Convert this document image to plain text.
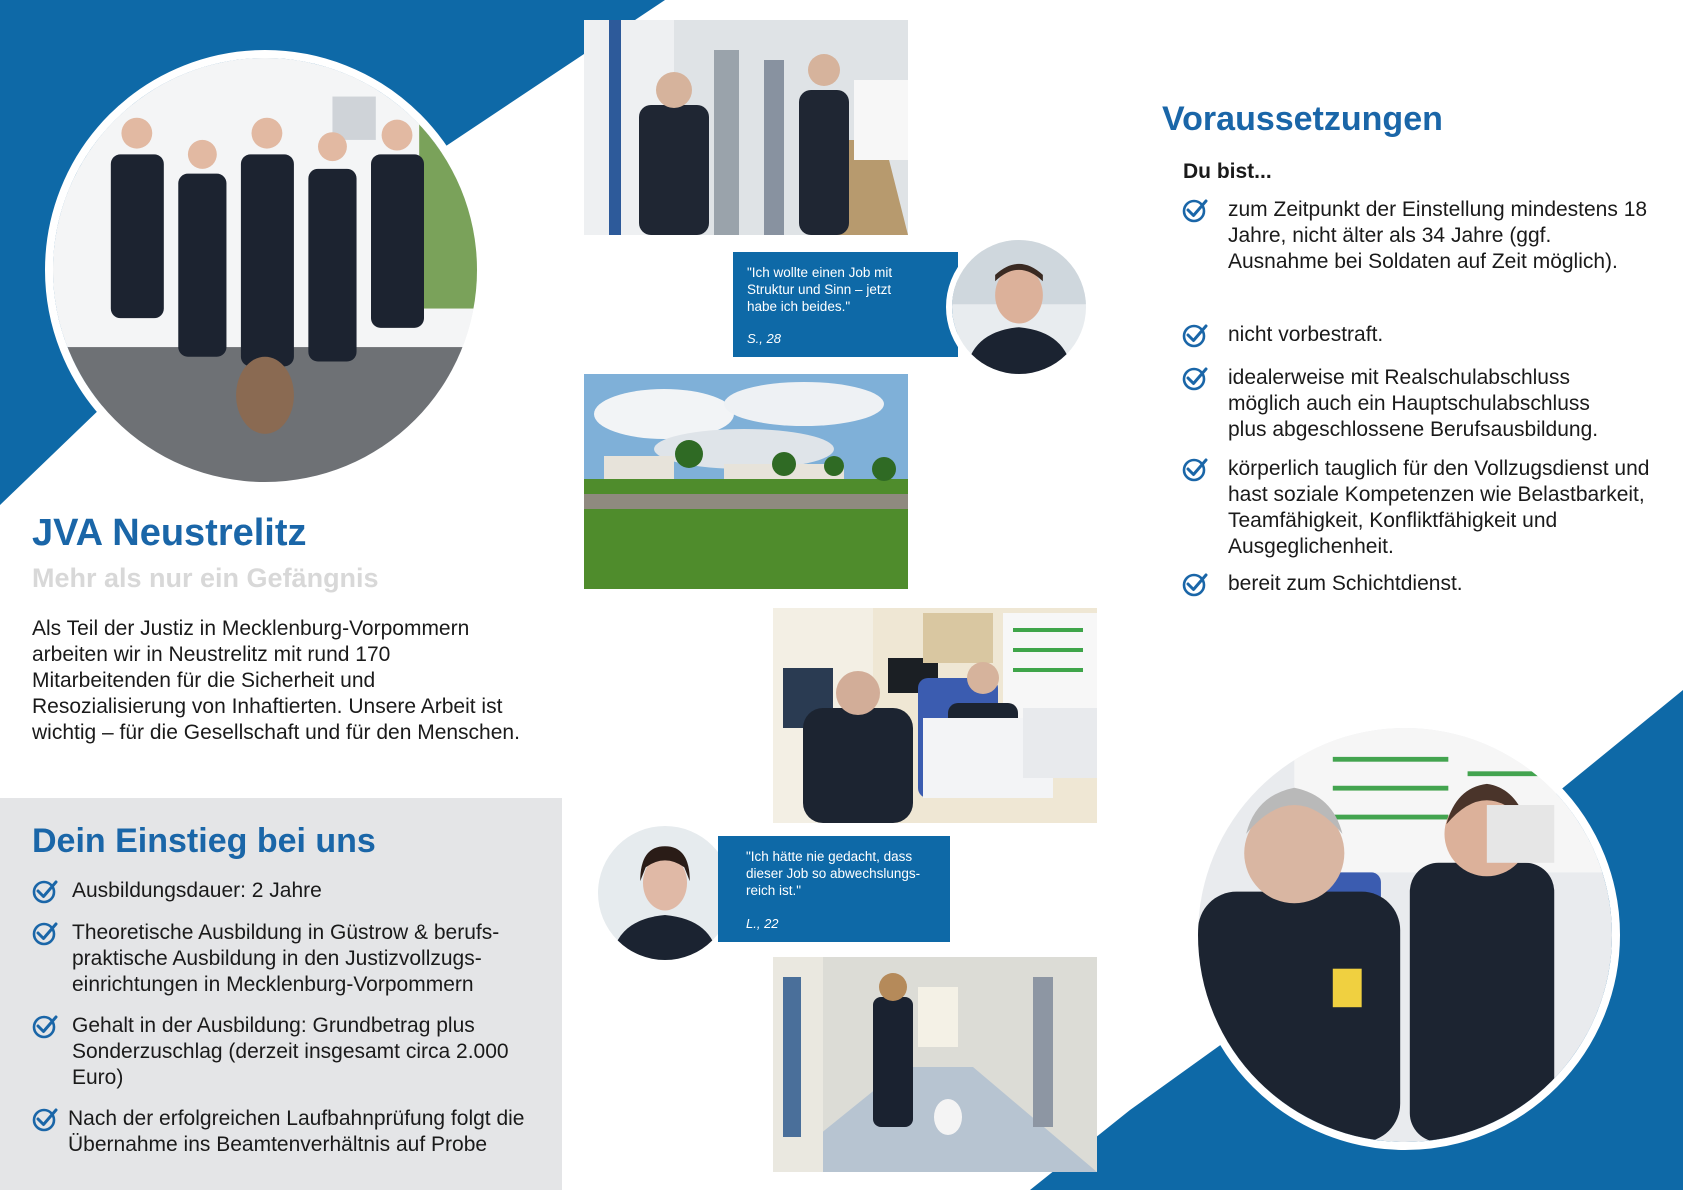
JVA Neustrelitz
Mehr als nur ein Gefängnis
Als Teil der Justiz in Mecklenburg-Vorpommern arbeiten wir in Neustrelitz mit rund 170 Mitarbeitenden für die Sicherheit und Resozialisierung von Inhaftierten. Unsere Arbeit ist wichtig – für die Gesellschaft und für den Menschen.
Dein Einstieg bei uns
Ausbildungsdauer: 2 Jahre
Theoretische Ausbildung in Güstrow & berufs-praktische Ausbildung in den Justizvollzugs-einrichtungen in Mecklenburg-Vorpommern
Gehalt in der Ausbildung: Grundbetrag plus Sonderzuschlag (derzeit insgesamt circa 2.000 Euro)
Nach der erfolgreichen Laufbahnprüfung folgt die Übernahme ins Beamtenverhältnis auf Probe
"Ich wollte einen Job mit Struktur und Sinn – jetzt habe ich beides."
S., 28
"Ich hätte nie gedacht, dass dieser Job so abwechslungs-reich ist."
L., 22
Voraussetzungen
Du bist...
zum Zeitpunkt der Einstellung mindestens 18 Jahre, nicht älter als 34 Jahre (ggf. Ausnahme bei Soldaten auf Zeit möglich).
nicht vorbestraft.
idealerweise mit Realschulabschluss möglich auch ein Hauptschulabschluss plus abgeschlossene Berufsausbildung.
körperlich tauglich für den Vollzugsdienst und hast soziale Kompetenzen wie Belastbarkeit, Teamfähigkeit, Konfliktfähigkeit und Ausgeglichenheit.
bereit zum Schichtdienst.
